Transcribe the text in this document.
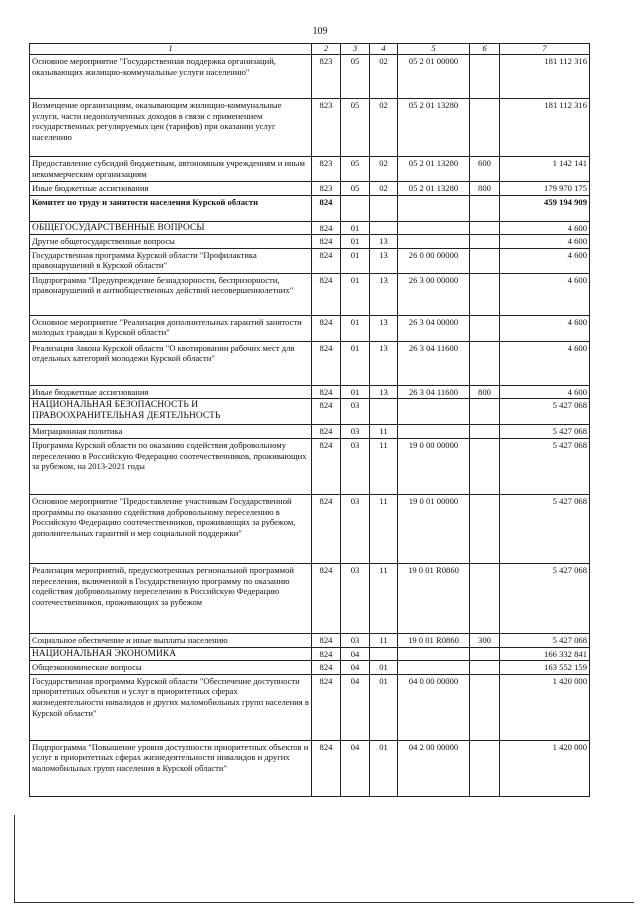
109
1	2	3	4	5	6	7
Основное мероприятие "Государственная поддержка организаций, оказывающих жилищно-коммунальные услуги населению"	823	05	02	05 2 01 00000		181 112 316
Возмещение организациям, оказывающим жилищно-коммунальные услуги, части недополученных доходов в связи с применением государственных регулируемых цен (тарифов) при оказании услуг населению	823	05	02	05 2 01 13280		181 112 316
Предоставление субсидий бюджетным, автономным учреждениям и иным некоммерческим организациям	823	05	02	05 2 01 13280	600	1 142 141
Иные бюджетные ассигнования	823	05	02	05 2 01 13280	800	179 970 175
Комитет по труду и занятости населения Курской области	824					459 194 909
ОБЩЕГОСУДАРСТВЕННЫЕ ВОПРОСЫ	824	01				4 600
Другие общегосударственные вопросы	824	01	13			4 600
Государственная программа Курской области "Профилактика правонарушений в Курской области"	824	01	13	26 0 00 00000		4 600
Подпрограмма "Предупреждение безнадзорности, беспризорности, правонарушений и антиобщественных действий несовершеннолетних"	824	01	13	26 3 00 00000		4 600
Основное мероприятие "Реализация дополнительных гарантий занятости молодых граждан в Курской области"	824	01	13	26 3 04 00000		4 600
Реализация Закона Курской области "О квотировании рабочих мест для отдельных категорий молодежи Курской области"	824	01	13	26 3 04 11600		4 600
Иные бюджетные ассигнования	824	01	13	26 3 04 11600	800	4 600
НАЦИОНАЛЬНАЯ БЕЗОПАСНОСТЬ И ПРАВООХРАНИТЕЛЬНАЯ ДЕЯТЕЛЬНОСТЬ	824	03				5 427 068
Миграционная политика	824	03	11			5 427 068
Программа Курской области по оказанию содействия добровольному переселению в Российскую Федерацию соотечественников, проживающих за рубежом, на 2013-2021 годы	824	03	11	19 0 00 00000		5 427 068
Основное мероприятие "Предоставление участникам Государственной программы по оказанию содействия добровольному переселению в Российскую Федерацию соотечественников, проживающих за рубежом, дополнительных гарантий и мер социальной поддержки"	824	03	11	19 0 01 00000		5 427 068
Реализация мероприятий, предусмотренных региональной программой переселения, включенной в Государственную программу по оказанию содействия добровольному переселению в Российскую Федерацию соотечественников, проживающих за рубежом	824	03	11	19 0 01 R0860		5 427 068
Социальное обеспечение и иные выплаты населению	824	03	11	19 0 01 R0860	300	5 427 068
НАЦИОНАЛЬНАЯ ЭКОНОМИКА	824	04				166 332 841
Общеэкономические вопросы	824	04	01			163 552 159
Государственная программа Курской области "Обеспечение доступности приоритетных объектов и услуг в приоритетных сферах жизнедеятельности инвалидов и других маломобильных групп населения в Курской области"	824	04	01	04 0 00 00000		1 420 000
Подпрограмма "Повышение уровня доступности приоритетных объектов и услуг в приоритетных сферах жизнедеятельности инвалидов и других маломобильных групп населения в Курской области"	824	04	01	04 2 00 00000		1 420 000
